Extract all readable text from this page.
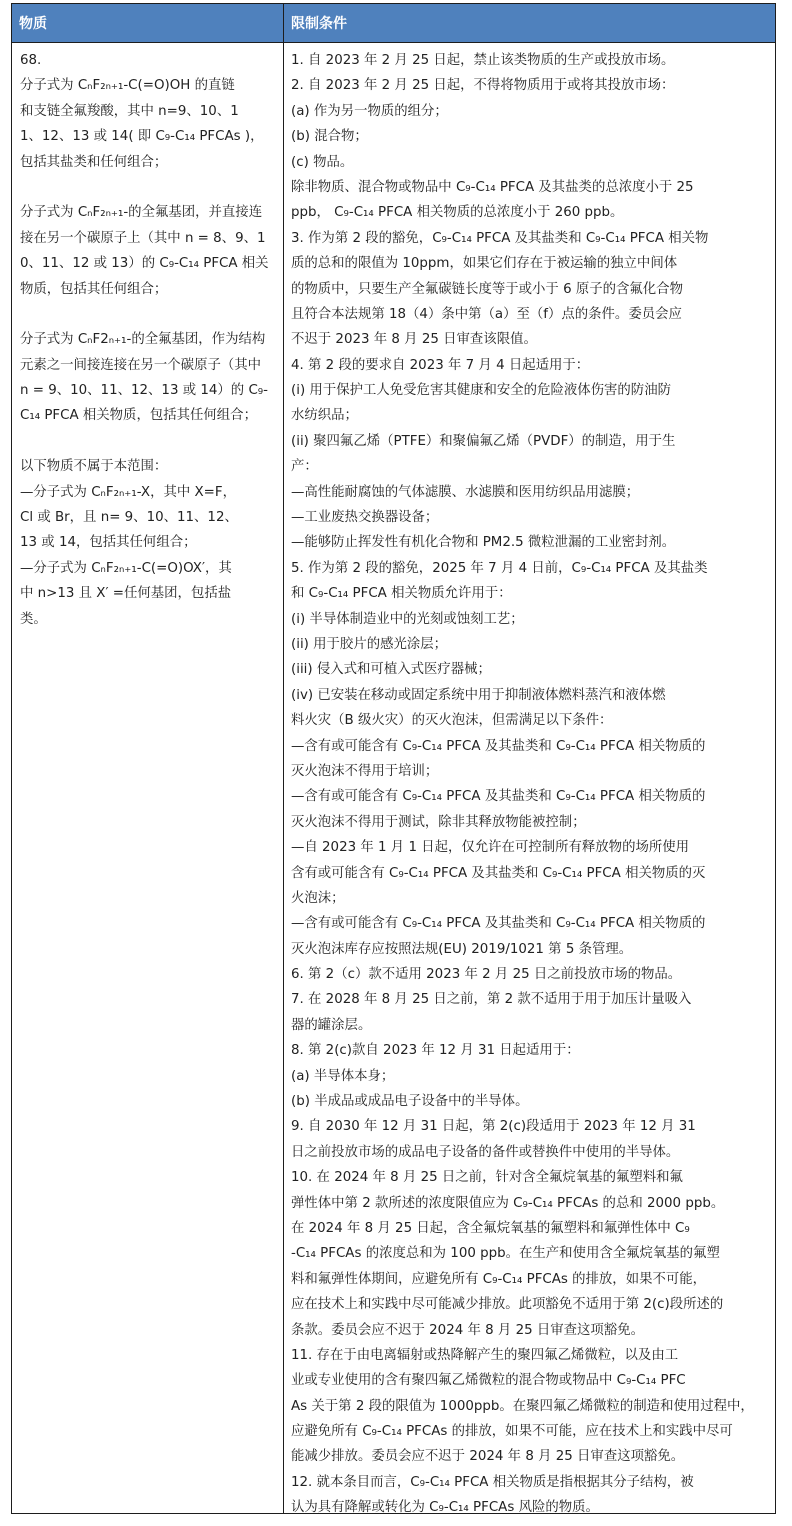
物质	限制条件
68.
分子式为 CₙF₂ₙ₊₁-C(=O)OH 的直链
和支链全氟羧酸，其中 n=9、10、1
1、12、13 或 14( 即 C₉-C₁₄ PFCAs )，
包括其盐类和任何组合；
分子式为 CₙF₂ₙ₊₁-的全氟基团，并直接连
接在另一个碳原子上（其中 n = 8、9、1
0、11、12 或 13）的 C₉-C₁₄ PFCA 相关
物质，包括其任何组合；
分子式为 CₙF2ₙ₊₁-的全氟基团，作为结构
元素之一间接连接在另一个碳原子（其中
n = 9、10、11、12、13 或 14）的 C₉-
C₁₄ PFCA 相关物质，包括其任何组合；
以下物质不属于本范围：
—分子式为 CₙF₂ₙ₊₁-X，其中 X=F，
Cl 或 Br，且 n= 9、10、11、12、
13 或 14，包括其任何组合；
—分子式为 CₙF₂ₙ₊₁-C(=O)OX′，其
中 n>13 且 X′ =任何基团，包括盐
类。
1. 自 2023 年 2 月 25 日起，禁止该类物质的生产或投放市场。
2. 自 2023 年 2 月 25 日起，不得将物质用于或将其投放市场：
(a) 作为另一物质的组分；
(b) 混合物；
(c) 物品。
除非物质、混合物或物品中 C₉-C₁₄ PFCA 及其盐类的总浓度小于 25
ppb， C₉-C₁₄ PFCA 相关物质的总浓度小于 260 ppb。
3. 作为第 2 段的豁免，C₉-C₁₄ PFCA 及其盐类和 C₉-C₁₄ PFCA 相关物
质的总和的限值为 10ppm，如果它们存在于被运输的独立中间体
的物质中，只要生产全氟碳链长度等于或小于 6 原子的含氟化合物
且符合本法规第 18（4）条中第（a）至（f）点的条件。委员会应
不迟于 2023 年 8 月 25 日审查该限值。
4. 第 2 段的要求自 2023 年 7 月 4 日起适用于：
(i) 用于保护工人免受危害其健康和安全的危险液体伤害的防油防
水纺织品；
(ii) 聚四氟乙烯（PTFE）和聚偏氟乙烯（PVDF）的制造，用于生
产：
—高性能耐腐蚀的气体滤膜、水滤膜和医用纺织品用滤膜；
—工业废热交换器设备；
—能够防止挥发性有机化合物和 PM2.5 微粒泄漏的工业密封剂。
5. 作为第 2 段的豁免，2025 年 7 月 4 日前，C₉-C₁₄ PFCA 及其盐类
和 C₉-C₁₄ PFCA 相关物质允许用于：
(i) 半导体制造业中的光刻或蚀刻工艺；
(ii) 用于胶片的感光涂层；
(iii) 侵入式和可植入式医疗器械；
(iv) 已安装在移动或固定系统中用于抑制液体燃料蒸汽和液体燃
料火灾（B 级火灾）的灭火泡沫，但需满足以下条件：
—含有或可能含有 C₉-C₁₄ PFCA 及其盐类和 C₉-C₁₄ PFCA 相关物质的
灭火泡沫不得用于培训；
—含有或可能含有 C₉-C₁₄ PFCA 及其盐类和 C₉-C₁₄ PFCA 相关物质的
灭火泡沫不得用于测试，除非其释放物能被控制；
—自 2023 年 1 月 1 日起，仅允许在可控制所有释放物的场所使用
含有或可能含有 C₉-C₁₄ PFCA 及其盐类和 C₉-C₁₄ PFCA 相关物质的灭
火泡沫；
—含有或可能含有 C₉-C₁₄ PFCA 及其盐类和 C₉-C₁₄ PFCA 相关物质的
灭火泡沫库存应按照法规(EU) 2019/1021 第 5 条管理。
6. 第 2（c）款不适用 2023 年 2 月 25 日之前投放市场的物品。
7. 在 2028 年 8 月 25 日之前，第 2 款不适用于用于加压计量吸入
器的罐涂层。
8. 第 2(c)款自 2023 年 12 月 31 日起适用于：
(a) 半导体本身；
(b) 半成品或成品电子设备中的半导体。
9. 自 2030 年 12 月 31 日起，第 2(c)段适用于 2023 年 12 月 31
日之前投放市场的成品电子设备的备件或替换件中使用的半导体。
10. 在 2024 年 8 月 25 日之前，针对含全氟烷氧基的氟塑料和氟
弹性体中第 2 款所述的浓度限值应为 C₉-C₁₄ PFCAs 的总和 2000 ppb。
在 2024 年 8 月 25 日起，含全氟烷氧基的氟塑料和氟弹性体中 C₉
-C₁₄ PFCAs 的浓度总和为 100 ppb。在生产和使用含全氟烷氧基的氟塑
料和氟弹性体期间，应避免所有 C₉-C₁₄ PFCAs 的排放，如果不可能，
应在技术上和实践中尽可能减少排放。此项豁免不适用于第 2(c)段所述的
条款。委员会应不迟于 2024 年 8 月 25 日审查这项豁免。
11. 存在于由电离辐射或热降解产生的聚四氟乙烯微粒，以及由工
业或专业使用的含有聚四氟乙烯微粒的混合物或物品中 C₉-C₁₄ PFC
As 关于第 2 段的限值为 1000ppb。在聚四氟乙烯微粒的制造和使用过程中，
应避免所有 C₉-C₁₄ PFCAs 的排放，如果不可能，应在技术上和实践中尽可
能减少排放。委员会应不迟于 2024 年 8 月 25 日审查这项豁免。
12. 就本条目而言，C₉-C₁₄ PFCA 相关物质是指根据其分子结构，被
认为具有降解或转化为 C₉-C₁₄ PFCAs 风险的物质。
